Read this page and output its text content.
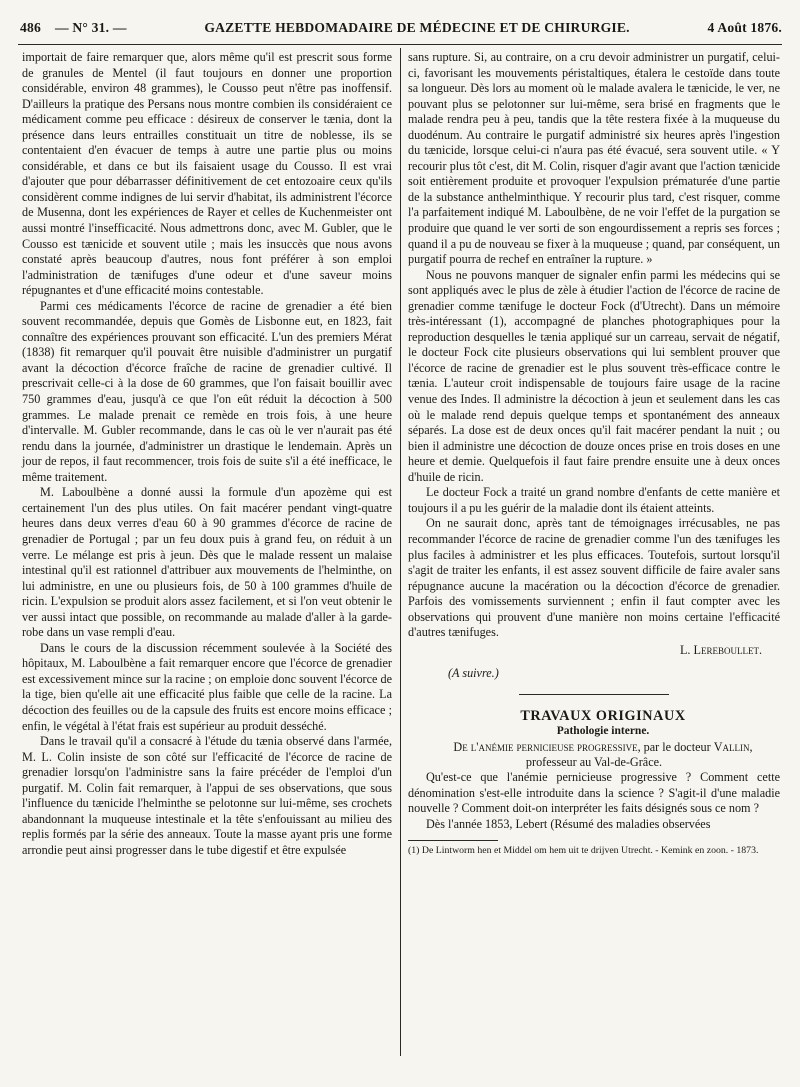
486 — N° 31. —	GAZETTE HEBDOMADAIRE DE MÉDECINE ET DE CHIRURGIE.	4 Août 1876.

importait de faire remarquer que, alors même qu'il est prescrit sous forme de granules de Mentel (il faut toujours en donner une proportion considérable, environ 48 grammes), le Cousso peut n'être pas inoffensif. D'ailleurs la pratique des Persans nous montre combien ils considéraient ce médicament comme peu efficace : désireux de conserver le tænia, dont la présence dans leurs entrailles constituait un titre de noblesse, ils se contentaient d'en évacuer de temps à autre une partie plus ou moins considérable, et dans ce but ils faisaient usage du Cousso. Il est vrai d'ajouter que pour débarrasser définitivement de cet entozoaire ceux qu'ils considèrent comme indignes de lui servir d'habitat, ils administrent l'écorce de Musenna, dont les expériences de Rayer et celles de Kuchenmeister ont aussi montré l'insefficacité. Nous admettrons donc, avec M. Gubler, que le Cousso est tænicide et souvent utile ; mais les insuccès que nous avons constaté après beaucoup d'autres, nous font préférer à son emploi l'administration de tænifuges d'une odeur et d'une saveur moins répugnantes et d'une efficacité moins contestable.

Parmi ces médicaments l'écorce de racine de grenadier a été bien souvent recommandée, depuis que Gomès de Lisbonne eut, en 1823, fait connaître des expériences prouvant son efficacité. L'un des premiers Mérat (1838) fit remarquer qu'il pouvait être nuisible d'administrer un purgatif avant la décoction d'écorce fraîche de racine de grenadier cultivé. Il prescrivait celle-ci à la dose de 60 grammes, que l'on faisait bouillir avec 750 grammes d'eau, jusqu'à ce que l'on eût réduit la décoction à 500 grammes. Le malade prenait ce remède en trois fois, à une heure d'intervalle. M. Gubler recommande, dans le cas où le ver n'aurait pas été rendu dans la journée, d'administrer un drastique le lendemain. Après un jour de repos, il faut recommencer, trois fois de suite s'il a été inefficace, le même traitement.

M. Laboulbène a donné aussi la formule d'un apozème qui est certainement l'un des plus utiles. On fait macérer pendant vingt-quatre heures dans deux verres d'eau 60 à 90 grammes d'écorce de racine de grenadier de Portugal ; par un feu doux puis à grand feu, on réduit à un verre. Le mélange est pris à jeun. Dès que le malade ressent un malaise intestinal qu'il est rationnel d'attribuer aux mouvements de l'helminthe, on lui administre, en une ou plusieurs fois, de 50 à 100 grammes d'huile de ricin. L'expulsion se produit alors assez facilement, et si l'on veut obtenir le ver aussi intact que possible, on recommande au malade d'aller à la garde-robe dans un vase rempli d'eau.

Dans le cours de la discussion récemment soulevée à la Société des hôpitaux, M. Laboulbène a fait remarquer encore que l'écorce de grenadier est excessivement mince sur la racine ; on emploie donc souvent l'écorce de la tige, bien qu'elle ait une efficacité plus faible que celle de la racine. La décoction des feuilles ou de la capsule des fruits est encore moins efficace ; enfin, le végétal à l'état frais est supérieur au produit desséché.

Dans le travail qu'il a consacré à l'étude du tænia observé dans l'armée, M. L. Colin insiste de son côté sur l'efficacité de l'écorce de racine de grenadier lorsqu'on l'administre sans la faire précéder de l'emploi d'un purgatif. M. Colin fait remarquer, à l'appui de ses observations, que sous l'influence du tænicide l'helminthe se pelotonne sur lui-même, ses crochets abandonnant la muqueuse intestinale et la tête s'enfouissant au milieu des replis formés par la série des anneaux. Toute la masse ayant pris une forme arrondie peut ainsi progresser dans le tube digestif et être expulsée

sans rupture. Si, au contraire, on a cru devoir administrer un purgatif, celui-ci, favorisant les mouvements péristaltiques, étalera le cestoïde dans toute sa longueur. Dès lors au moment où le malade avalera le tænicide, le ver, ne pouvant plus se pelotonner sur lui-même, sera brisé en fragments que le malade rendra peu à peu, tandis que la tête restera fixée à la muqueuse du duodénum. Au contraire le purgatif administré six heures après l'ingestion du tænicide, lorsque celui-ci n'aura pas été évacué, sera souvent utile. « Y recourir plus tôt c'est, dit M. Colin, risquer d'agir avant que l'action tænicide soit entièrement produite et provoquer l'expulsion prématurée d'une partie de la substance anthelminthique. Y recourir plus tard, c'est risquer, comme l'a parfaitement indiqué M. Laboulbène, de ne voir l'effet de la purgation se produire que quand le ver sorti de son engourdissement a repris ses forces ; quand il a pu de nouveau se fixer à la muqueuse ; quand, par conséquent, un purgatif pourra de rechef en entraîner la rupture. »

Nous ne pouvons manquer de signaler enfin parmi les médecins qui se sont appliqués avec le plus de zèle à étudier l'action de l'écorce de racine de grenadier comme tænifuge le docteur Fock (d'Utrecht). Dans un mémoire très-intéressant (1), accompagné de planches photographiques pour la reproduction desquelles le tænia appliqué sur un carreau, servait de négatif, le docteur Fock cite plusieurs observations qui lui semblent prouver que l'écorce de racine de grenadier est le plus souvent très-efficace contre le tænia. L'auteur croit indispensable de toujours faire usage de la racine venue des Indes. Il administre la décoction à jeun et seulement dans les cas où le malade rend depuis quelque temps et spontanément des anneaux séparés. La dose est de deux onces qu'il fait macérer pendant la nuit ; ou bien il administre une décoction de douze onces prise en trois doses en une heure et demie. Quelquefois il faut faire prendre ensuite une à deux onces d'huile de ricin.

Le docteur Fock a traité un grand nombre d'enfants de cette manière et toujours il a pu les guérir de la maladie dont ils étaient atteints.

On ne saurait donc, après tant de témoignages irrécusables, ne pas recommander l'écorce de racine de grenadier comme l'un des tænifuges les plus faciles à administrer et les plus efficaces. Toutefois, surtout lorsqu'il s'agit de traiter les enfants, il est assez souvent difficile de faire avaler sans répugnance aucune la macération ou la décoction d'écorce de grenadier. Parfois des vomissements surviennent ; enfin il faut compter avec les observations qui prouvent d'une manière non moins certaine l'efficacité d'autres tænifuges.

L. Lereboullet.
(A suivre.)

TRAVAUX ORIGINAUX

Pathologie interne.

De l'anémie pernicieuse progressive, par le docteur Vallin,
professeur au Val-de-Grâce.

Qu'est-ce que l'anémie pernicieuse progressive ? Comment cette dénomination s'est-elle introduite dans la science ? S'agit-il d'une maladie nouvelle ? Comment doit-on interpréter les faits désignés sous ce nom ?

Dès l'année 1853, Lebert (Résumé des maladies observées

(1) De Lintworm hen et Middel om hem uit te drijven Utrecht. - Kemink en zoon. - 1873.
